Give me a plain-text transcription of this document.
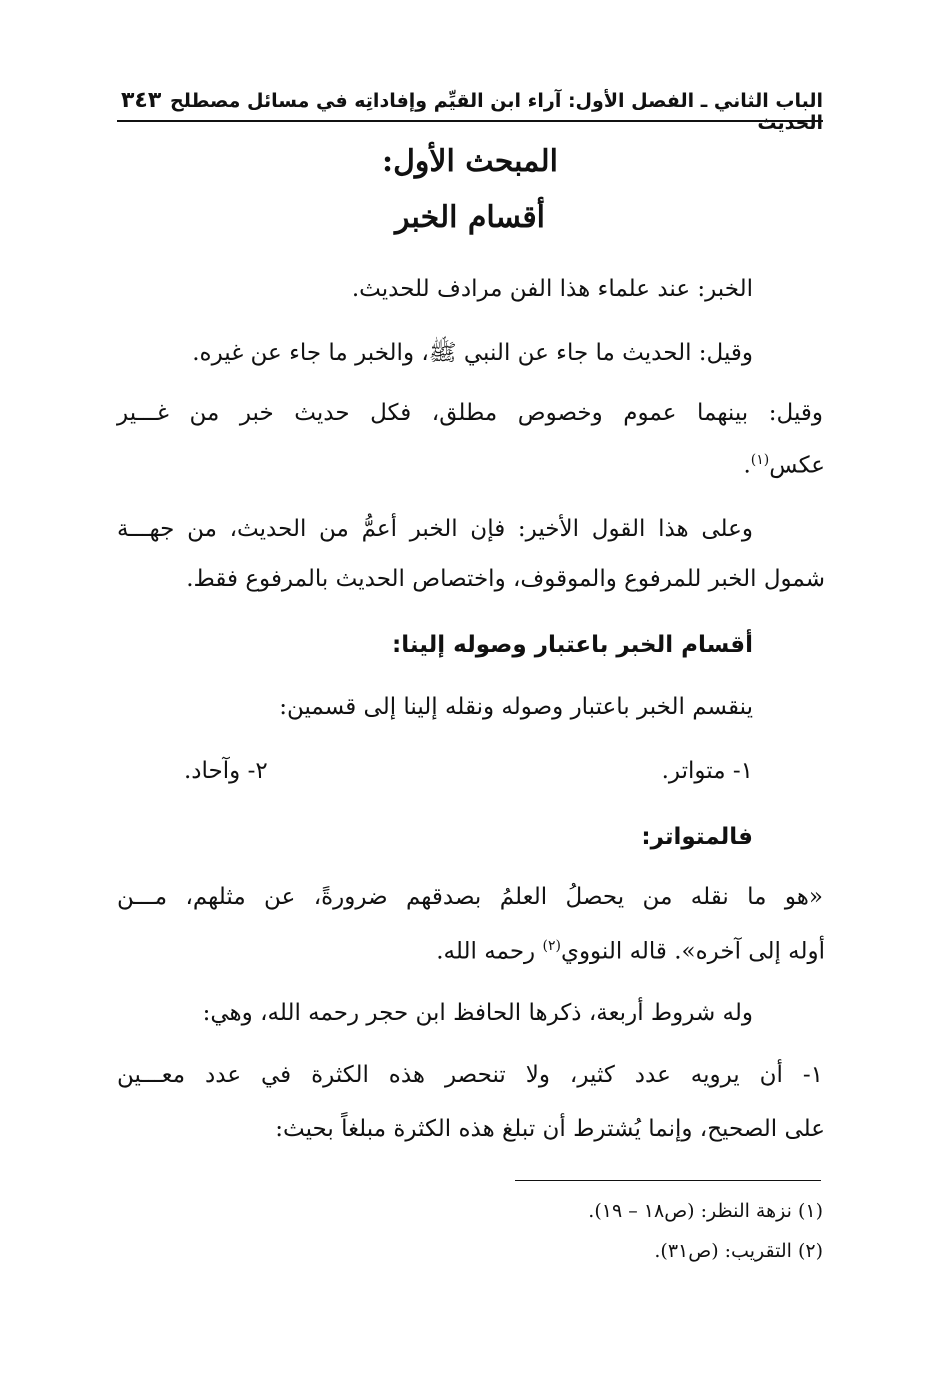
الباب الثاني ـ الفصل الأول: آراء ابن القيِّم وإفاداتِه في مسائل مصطلح الحديث
٣٤٣
المبحث الأول:
أقسام الخبر
الخبر: عند علماء هذا الفن مرادف للحديث.
وقيل: الحديث ما جاء عن النبي ﷺ، والخبر ما جاء عن غيره.
وقيل: بينهما عموم وخصوص مطلق، فكل حديث خبر من غـــير
عكس$^{(١)}$.
وعلى هذا القول الأخير: فإن الخبر أعمُّ من الحديث، من جهـــة
شمول الخبر للمرفوع والموقوف، واختصاص الحديث بالمرفوع فقط.
أقسام الخبر باعتبار وصوله إلينا:
ينقسم الخبر باعتبار وصوله ونقله إلينا إلى قسمين:
١- متواتر.
٢- وآحاد.
فالمتواتر:
«هو ما نقله من يحصلُ العلمُ بصدقهم ضرورةً، عن مثلهم، مـــن
أوله إلى آخره». قاله النووي$^{(٢)}$ رحمه الله.
وله شروط أربعة، ذكرها الحافظ ابن حجر رحمه الله، وهي:
١- أن يرويه عدد كثير، ولا تنحصر هذه الكثرة في عدد معـــين
على الصحيح، وإنما يُشترط أن تبلغ هذه الكثرة مبلغاً بحيث:
(١) نزهة النظر: (ص١٨ – ١٩).
(٢) التقريب: (ص٣١).
